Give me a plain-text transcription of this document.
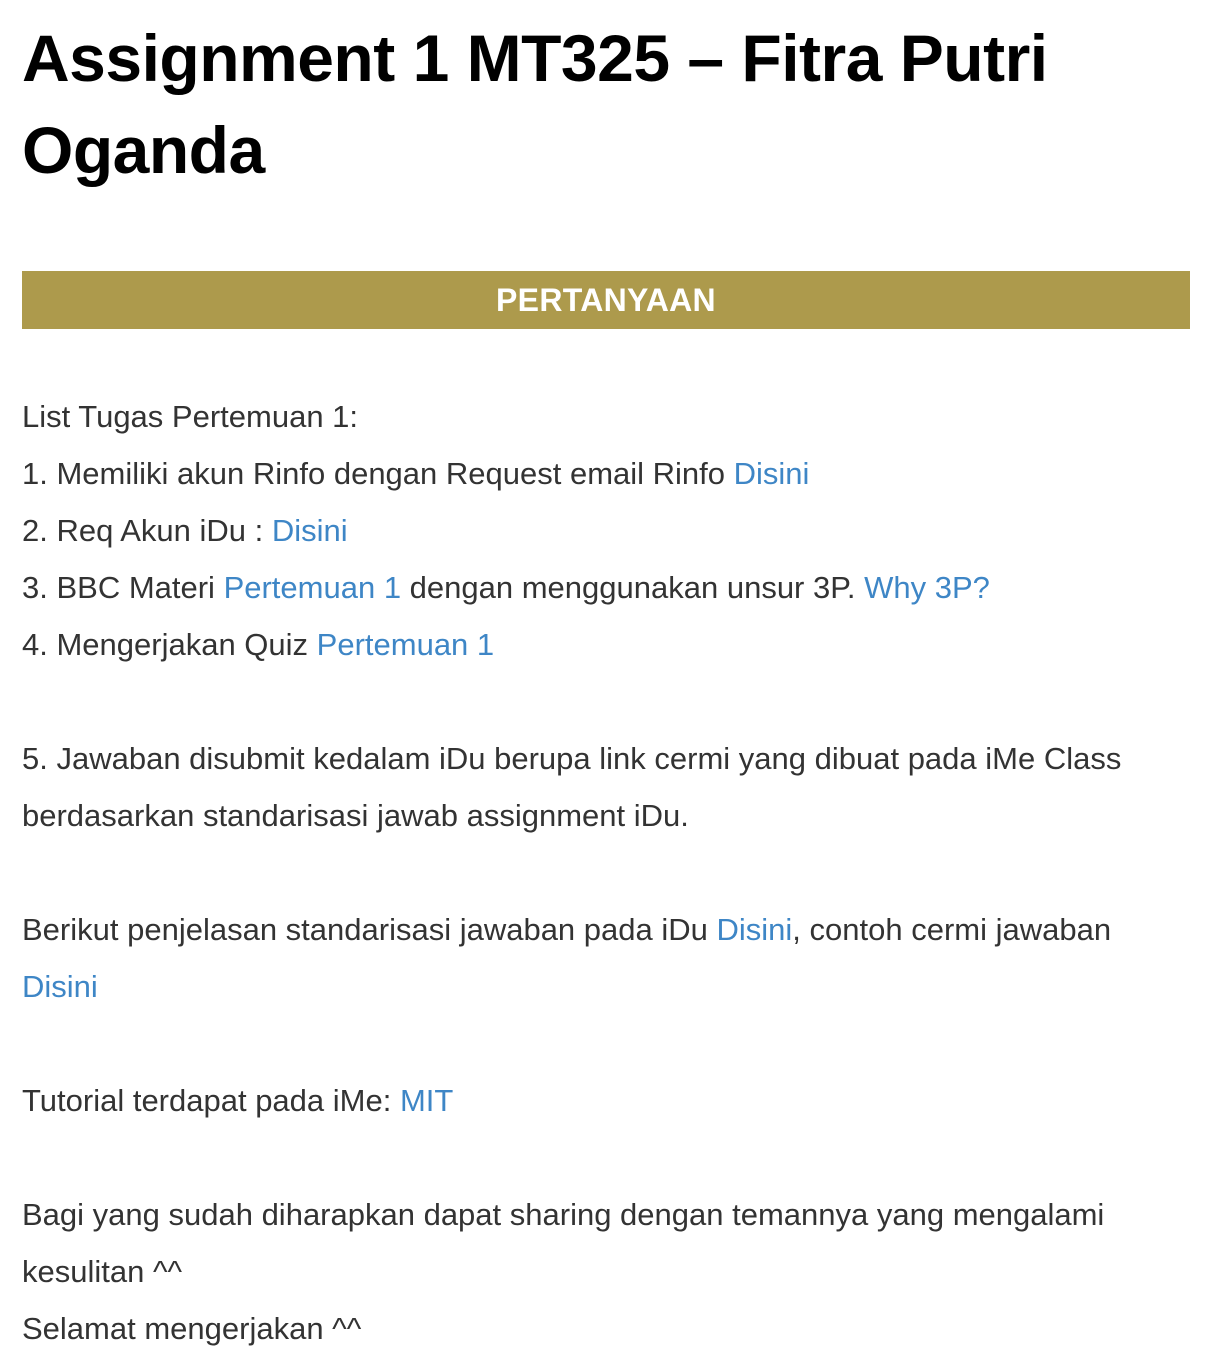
Assignment 1 MT325 – Fitra Putri Oganda
PERTANYAAN
List Tugas Pertemuan 1:
1. Memiliki akun Rinfo dengan Request email Rinfo Disini
2. Req Akun iDu : Disini
3. BBC Materi Pertemuan 1 dengan menggunakan unsur 3P. Why 3P?
4. Mengerjakan Quiz Pertemuan 1
5. Jawaban disubmit kedalam iDu berupa link cermi yang dibuat pada iMe Class berdasarkan standarisasi jawab assignment iDu.
Berikut penjelasan standarisasi jawaban pada iDu Disini, contoh cermi jawaban Disini
Tutorial terdapat pada iMe: MIT
Bagi yang sudah diharapkan dapat sharing dengan temannya yang mengalami kesulitan ^^
Selamat mengerjakan ^^
